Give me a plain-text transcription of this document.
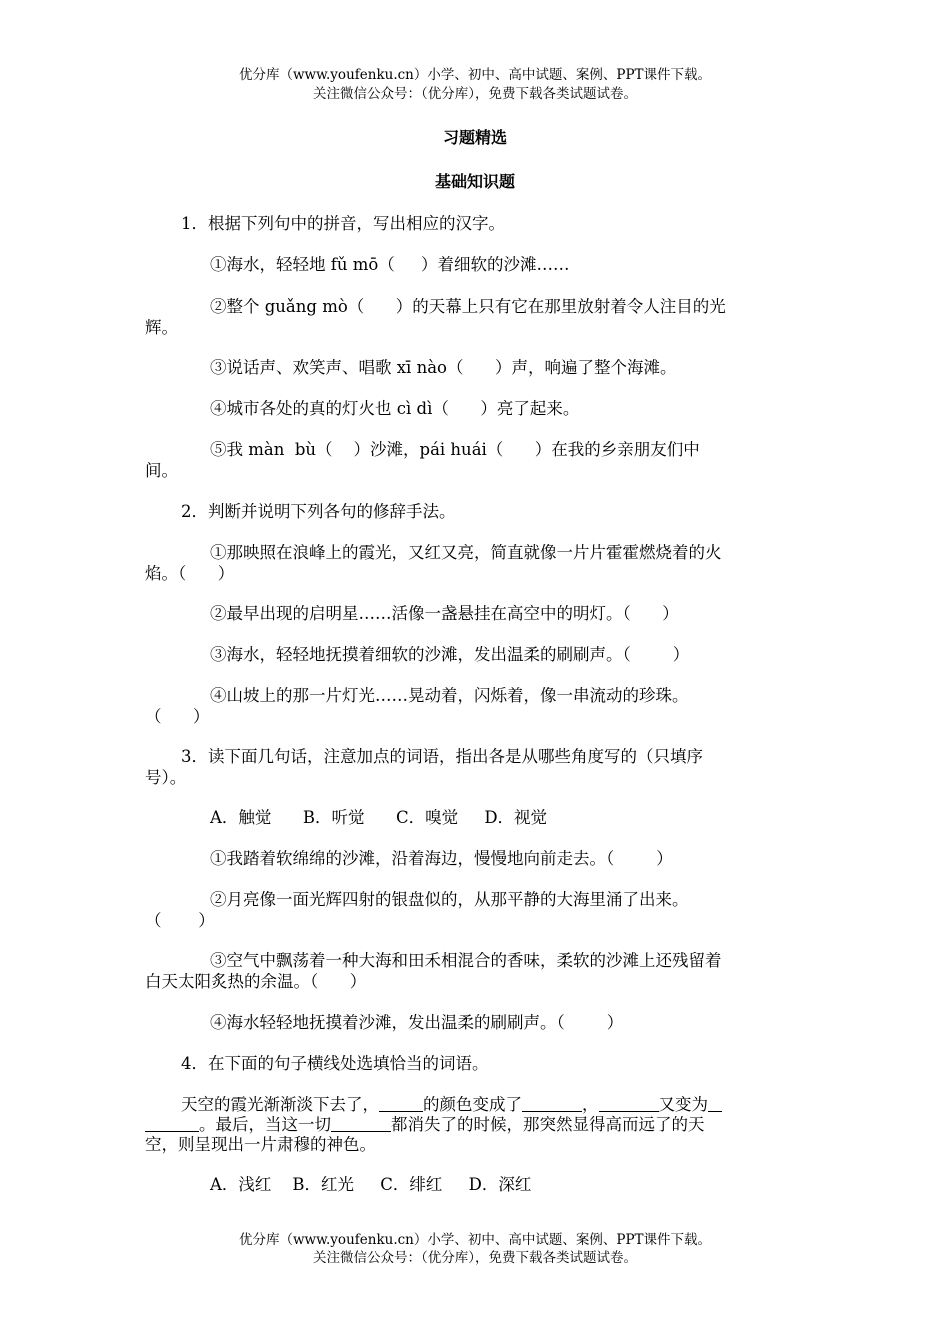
优分库（www.youfenku.cn）小学、初中、高中试题、案例、PPT课件下载。
关注微信公众号：（优分库），免费下载各类试题试卷。
习题精选
基础知识题
1．根据下列句中的拼音，写出相应的汉字。
①海水，轻轻地 fǔ mō（     ）着细软的沙滩……
②整个 guǎng mò（      ）的天幕上只有它在那里放射着令人注目的光
辉。
③说话声、欢笑声、唱歌 xī nào（      ）声，响遍了整个海滩。
④城市各处的真的灯火也 cì dì（      ）亮了起来。
⑤我 màn  bù（    ）沙滩，pái huái（      ）在我的乡亲朋友们中
间。
2．判断并说明下列各句的修辞手法。
①那映照在浪峰上的霞光，又红又亮，简直就像一片片霍霍燃烧着的火
焰。（      ）
②最早出现的启明星……活像一盏悬挂在高空中的明灯。（      ）
③海水，轻轻地抚摸着细软的沙滩，发出温柔的刷刷声。（        ）
④山坡上的那一片灯光……晃动着，闪烁着，像一串流动的珍珠。
（      ）
3．读下面几句话，注意加点的词语，指出各是从哪些角度写的（只填序
号）。
A．触觉      B．听觉      C．嗅觉     D．视觉
①我踏着软绵绵的沙滩，沿着海边，慢慢地向前走去。（        ）
②月亮像一面光辉四射的银盘似的，从那平静的大海里涌了出来。
（       ）
③空气中飘荡着一种大海和田禾相混合的香味，柔软的沙滩上还残留着
白天太阳炙热的余温。（      ）
④海水轻轻地抚摸着沙滩，发出温柔的刷刷声。（        ）
4．在下面的句子横线处选填恰当的词语。
天空的霞光渐渐淡下去了，	的颜色变成了	，	又变为
。最后，当这一切	都消失了的时候，那突然显得高而远了的天
空，则呈现出一片肃穆的神色。
A．浅红    B．红光     C．绯红     D．深红
优分库（www.youfenku.cn）小学、初中、高中试题、案例、PPT课件下载。
关注微信公众号：（优分库），免费下载各类试题试卷。
